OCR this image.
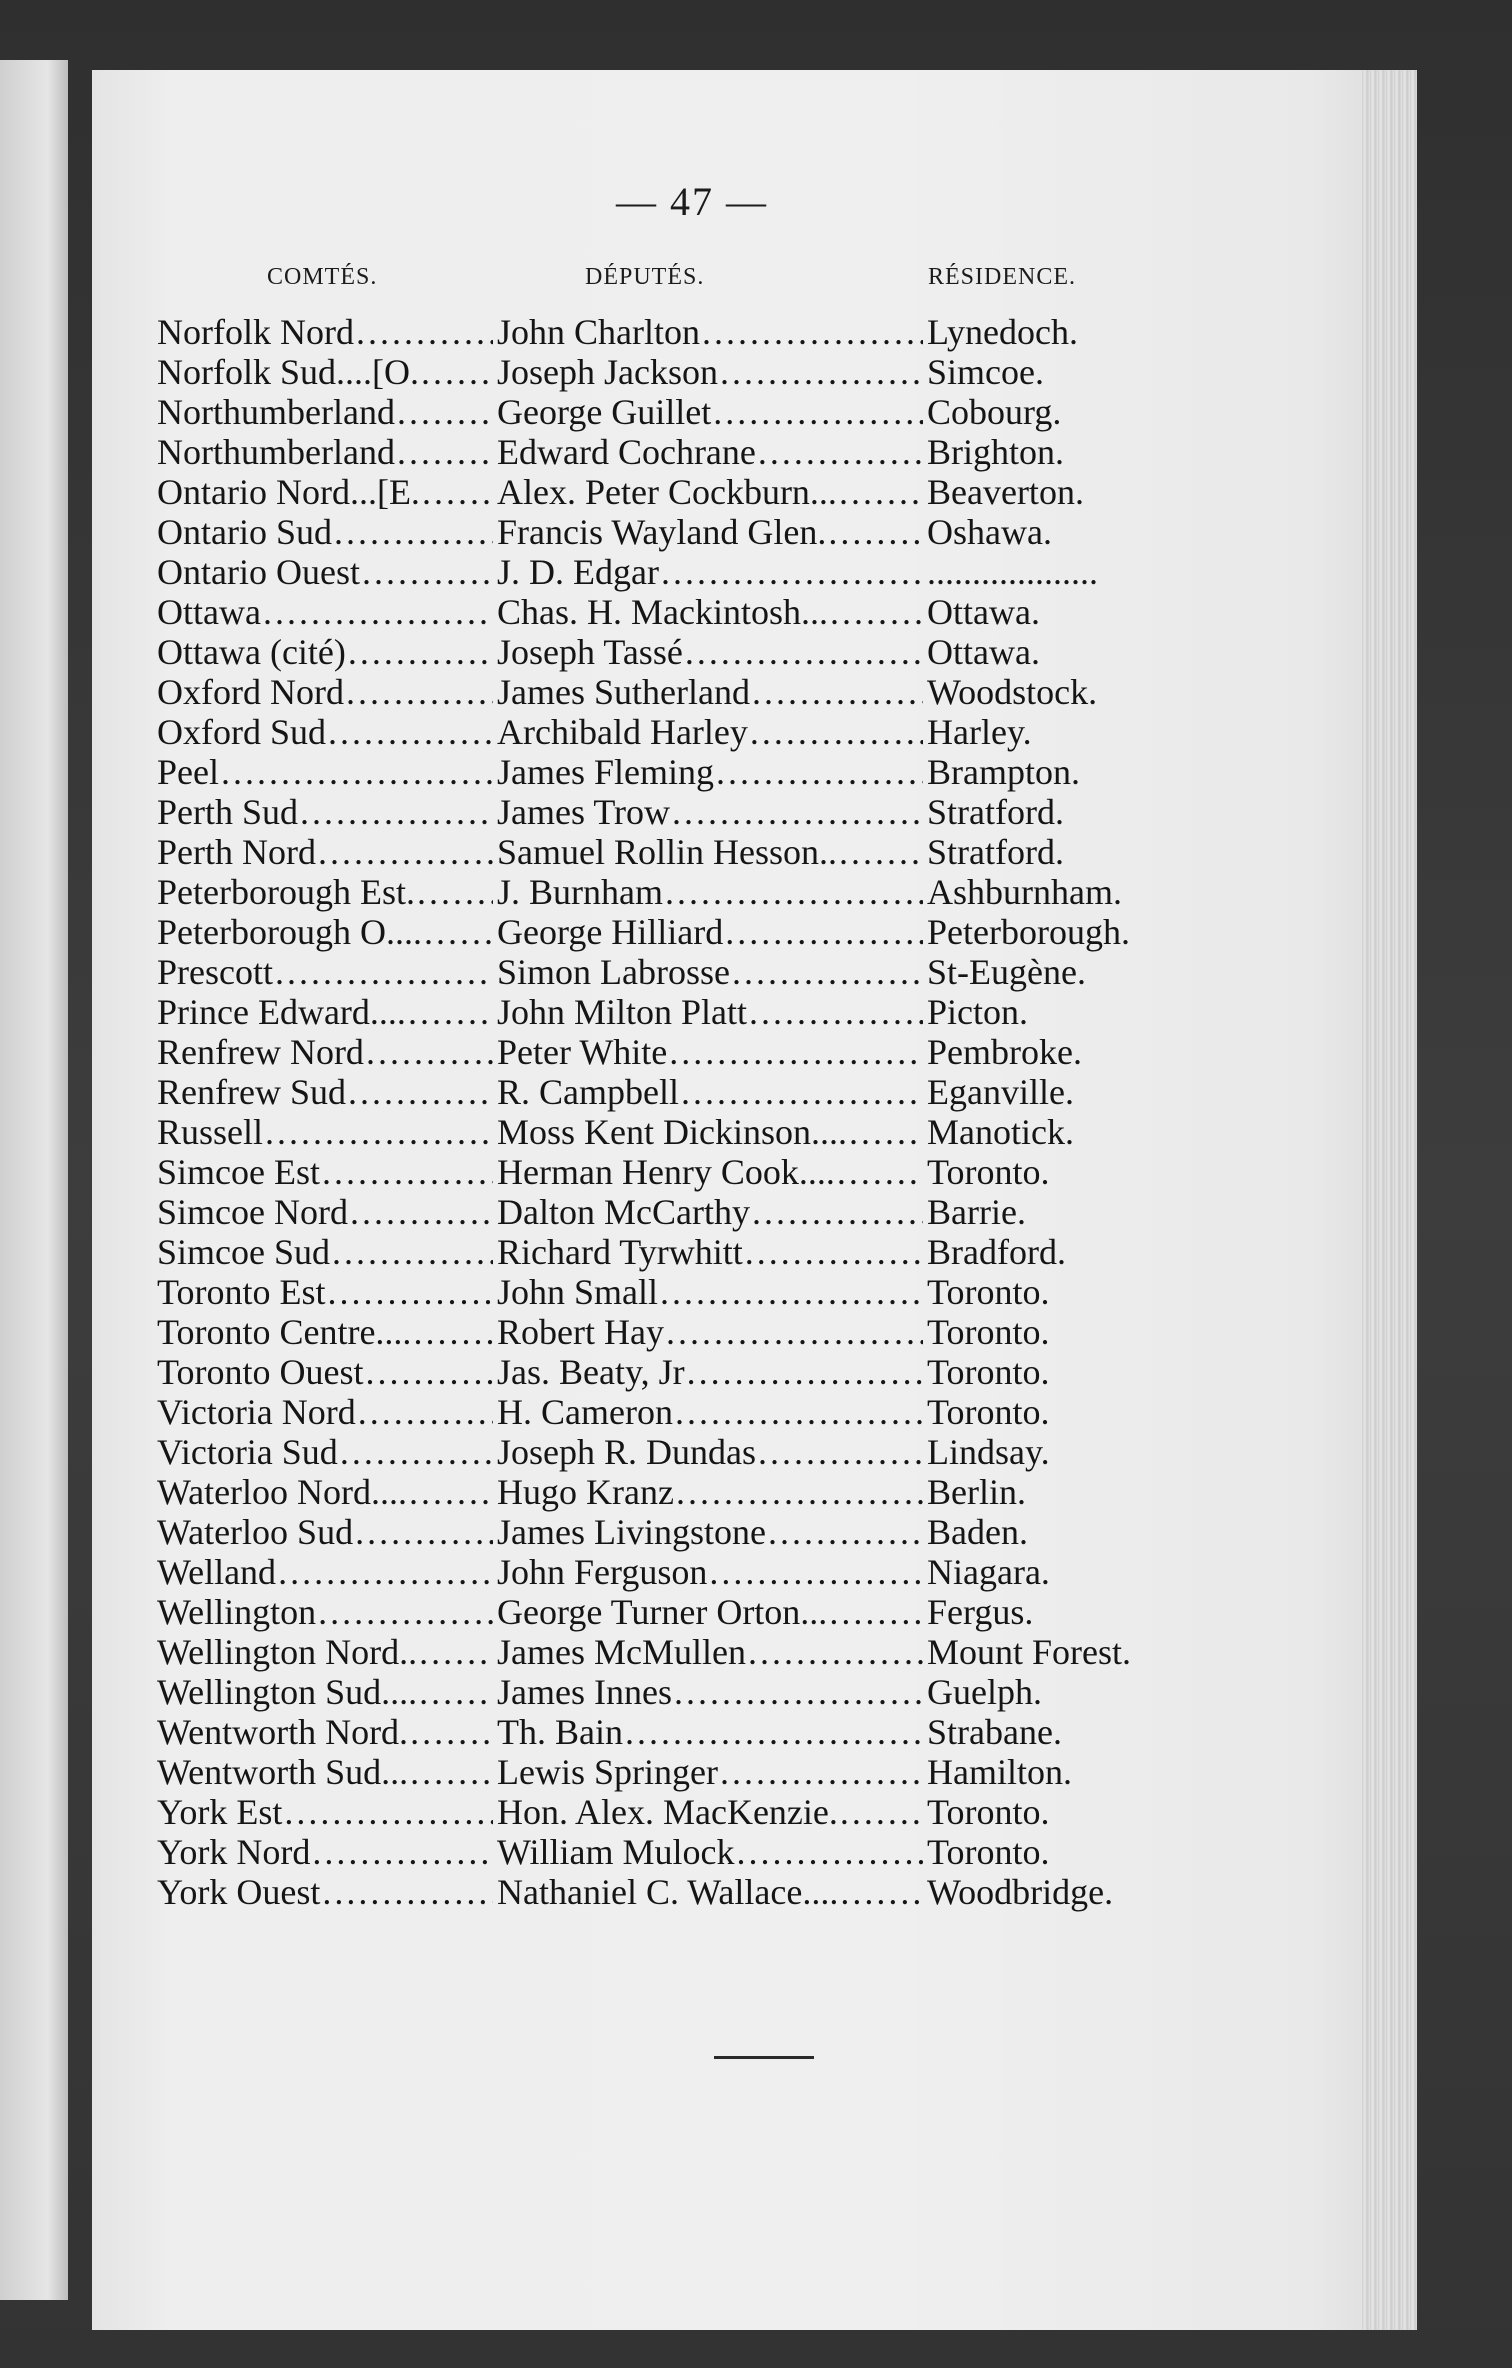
— 47 —
COMTÉS.	DÉPUTÉS.	RÉSIDENCE.
Norfolk Nord .....	John Charlton .....	Lynedoch.
Norfolk Sud....[O. ..... Joseph Jackson .....	Simcoe.
Northumberland .....	George Guillet .....	Cobourg.
Northumberland .....	Edward Cochrane .....	Brighton.
Ontario Nord...[E. ..... Alex. Peter Cockburn... .....	Beaverton.
Ontario Sud .....	Francis Wayland Glen. .....	Oshawa.
Ontario Ouest .....	J. D. Edgar .....	...................
Ottawa .....	Chas. H. Mackintosh... .....	Ottawa.
Ottawa (cité) .....	Joseph Tassé .....	Ottawa.
Oxford Nord .....	James Sutherland .....	Woodstock.
Oxford Sud .....	Archibald Harley .....	Harley.
Peel .....	James Fleming .....	Brampton.
Perth Sud .....	James Trow .....	Stratford.
Perth Nord .....	Samuel Rollin Hesson.. .....	Stratford.
Peterborough Est. ..... J. Burnham .....	Ashburnham.
Peterborough O.... ..... George Hilliard .....	Peterborough.
Prescott .....	Simon Labrosse .....	St-Eugène.
Prince Edward.... .....	John Milton Platt .....	Picton.
Renfrew Nord .....	Peter White .....	Pembroke.
Renfrew Sud .....	R. Campbell .....	Eganville.
Russell .....	Moss Kent Dickinson.... ..... Manotick.
Simcoe Est .....	Herman Henry Cook.... .....	Toronto.
Simcoe Nord .....	Dalton McCarthy .....	Barrie.
Simcoe Sud .....	Richard Tyrwhitt .....	Bradford.
Toronto Est .....	John Small .....	Toronto.
Toronto Centre.... ..... Robert Hay .....	Toronto.
Toronto Ouest .....	Jas. Beaty, Jr .....	Toronto.
Victoria Nord .....	H. Cameron .....	Toronto.
Victoria Sud .....	Joseph R. Dundas .....	Lindsay.
Waterloo Nord.... ..... Hugo Kranz .....	Berlin.
Waterloo Sud .....	James Livingstone .....	Baden.
Welland .....	John Ferguson .....	Niagara.
Wellington .....	George Turner Orton... .....	Fergus.
Wellington Nord.. ..... James McMullen .....	Mount Forest.
Wellington Sud.... ..... James Innes .....	Guelph.
Wentworth Nord. ..... Th. Bain .....	Strabane.
Wentworth Sud... ..... Lewis Springer .....	Hamilton.
York Est .....	Hon. Alex. MacKenzie. ..... Toronto.
York Nord .....	William Mulock .....	Toronto.
York Ouest .....	Nathaniel C. Wallace.... ..... Woodbridge.
